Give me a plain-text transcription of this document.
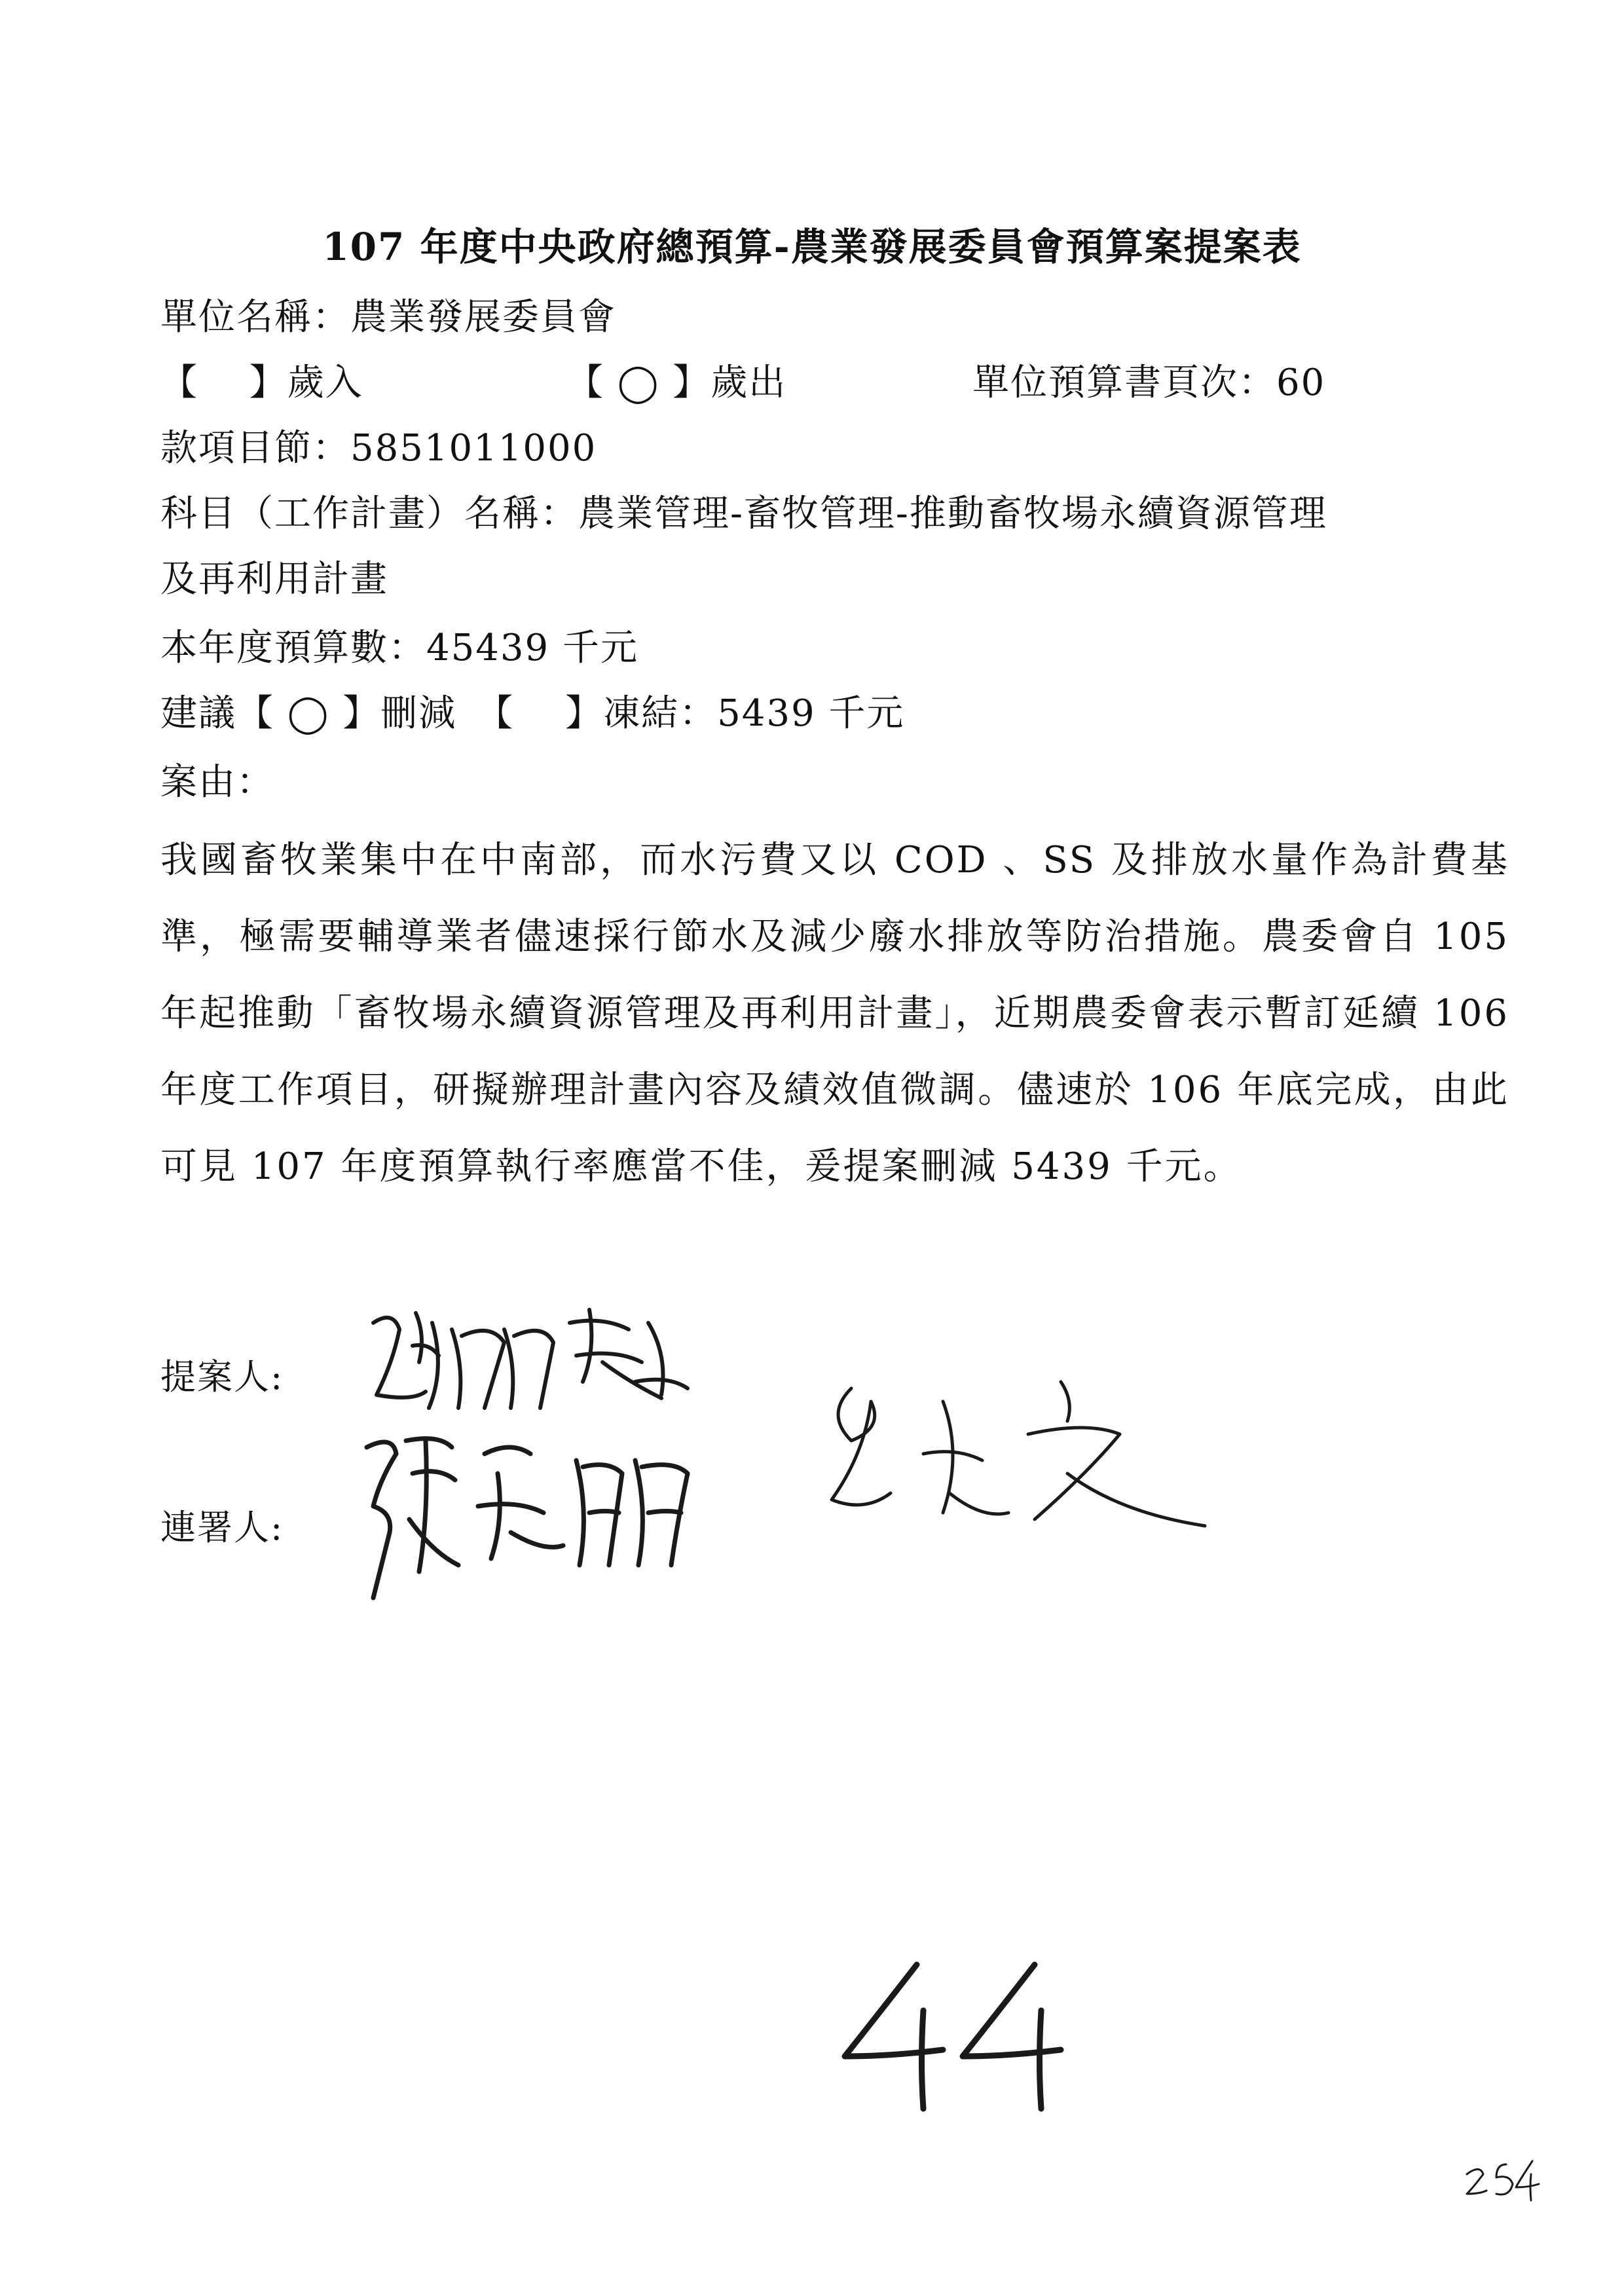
107 年度中央政府總預算-農業發展委員會預算案提案表
單位名稱：農業發展委員會
【　 】歲入	【 ◯ 】歲出	單位預算書頁次：60
款項目節：5851011000
科目（工作計畫）名稱：農業管理-畜牧管理-推動畜牧場永續資源管理
及再利用計畫
本年度預算數：45439 千元
建議【 ◯ 】刪減　【　 】凍結：5439 千元
案由：
我國畜牧業集中在中南部，而水污費又以 COD 、SS 及排放水量作為計費基準，極需要輔導業者儘速採行節水及減少廢水排放等防治措施。農委會自 105 年起推動「畜牧場永續資源管理及再利用計畫」，近期農委會表示暫訂延續 106 年度工作項目，研擬辦理計畫內容及績效值微調。儘速於 106 年底完成，由此可見 107 年度預算執行率應當不佳，爰提案刪減 5439 千元。
提案人:
連署人:
